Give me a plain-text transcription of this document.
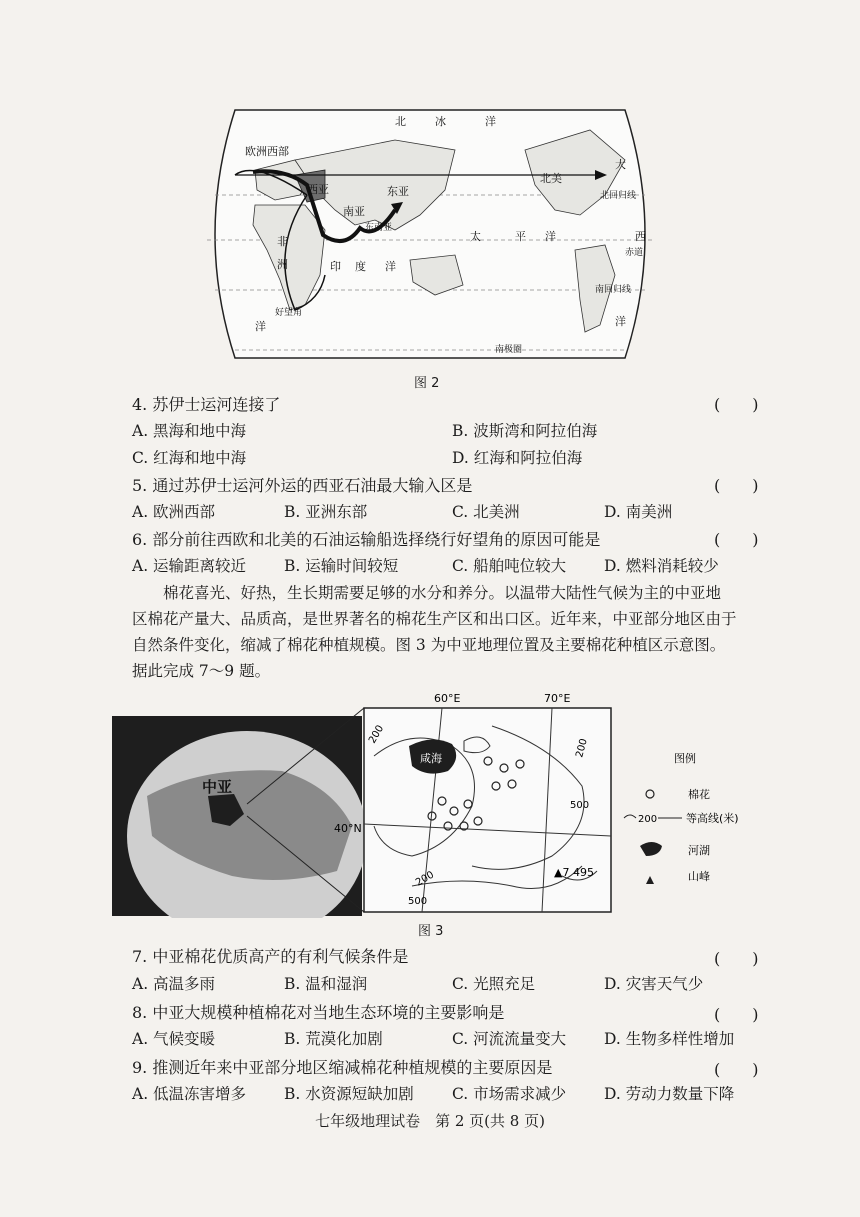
北	冰	洋
欧洲西部
西亚	东亚
南亚
东南亚
非
洲
北美
大
北回归线
太	平 洋	西
赤道
南回归线
印 度 洋
好望角
洋	洋
南极圈
图 2
4. 苏伊士运河连接了	(　　)
A. 黑海和地中海	B. 波斯湾和阿拉伯海
C. 红海和地中海	D. 红海和阿拉伯海
5. 通过苏伊士运河外运的西亚石油最大输入区是	(　　)
A. 欧洲西部	B. 亚洲东部	C. 北美洲	D. 南美洲
6. 部分前往西欧和北美的石油运输船选择绕行好望角的原因可能是	(　　)
A. 运输距离较近 B. 运输时间较短	C. 船舶吨位较大 D. 燃料消耗较少
棉花喜光、好热，生长期需要足够的水分和养分。以温带大陆性气候为主的中亚地
区棉花产量大、品质高，是世界著名的棉花生产区和出口区。近年来，中亚部分地区由于
自然条件变化，缩减了棉花种植规模。图 3 为中亚地理位置及主要棉花种植区示意图。
据此完成 7～9 题。
中亚
咸海
200
200
200
500
500
▲7 495
60°E	70°E
40°N
图例
棉花
200	等高线(米)
河湖
山峰
图 3
7. 中亚棉花优质高产的有利气候条件是	(　　)
A. 高温多雨	B. 温和湿润	C. 光照充足	D. 灾害天气少
8. 中亚大规模种植棉花对当地生态环境的主要影响是	(　　)
A. 气候变暖	B. 荒漠化加剧	C. 河流流量变大 D. 生物多样性增加
9. 推测近年来中亚部分地区缩减棉花种植规模的主要原因是	(　　)
A. 低温冻害增多 B. 水资源短缺加剧 C. 市场需求减少 D. 劳动力数量下降
七年级地理试卷　第 2 页(共 8 页)
